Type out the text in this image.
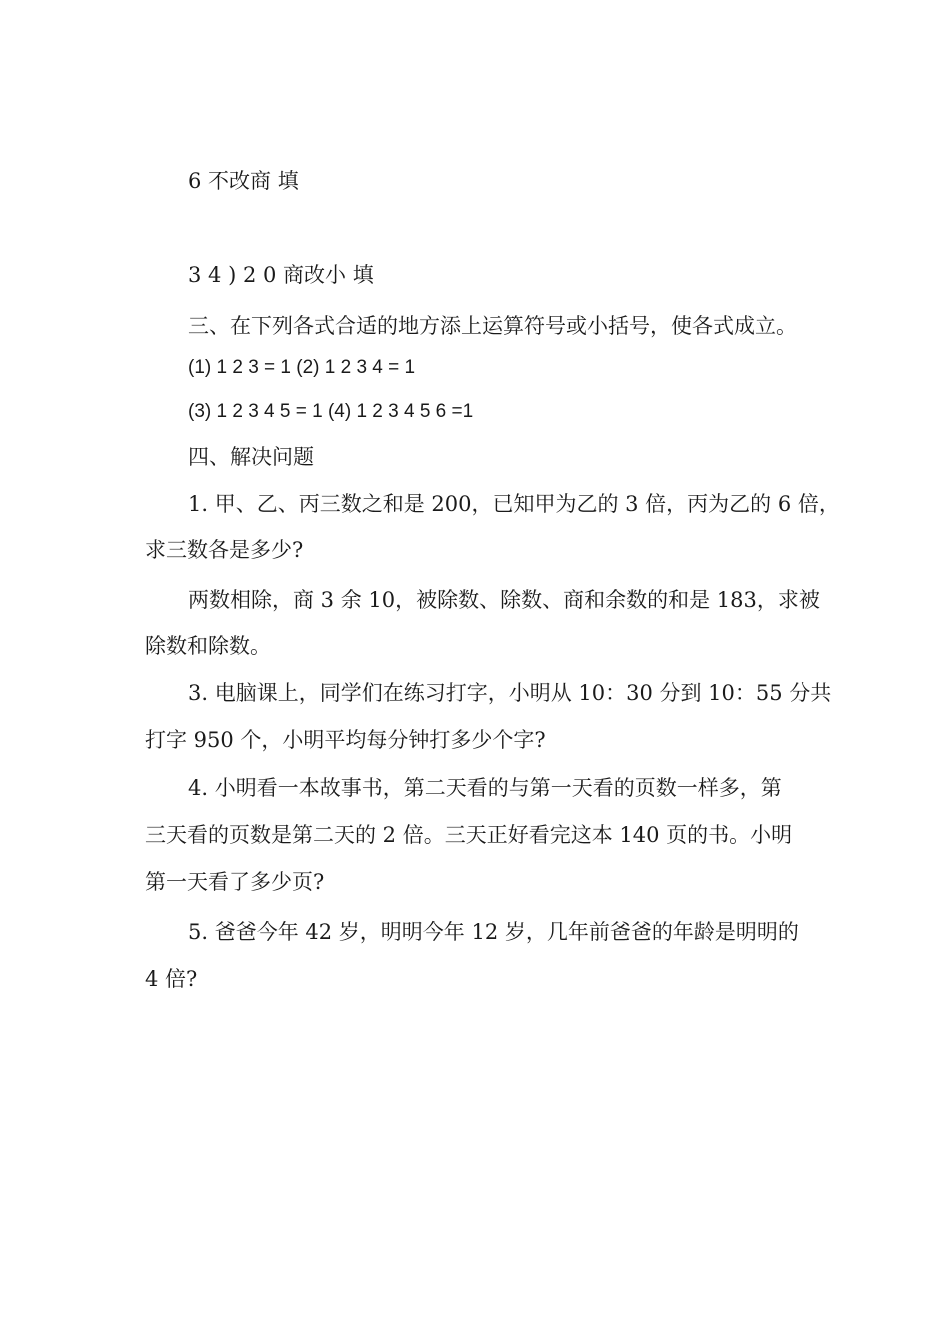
6 不改商 填
3 4 ) 2 0 商改小 填
三、在下列各式合适的地方添上运算符号或小括号，使各式成立。
(1) 1 2 3 = 1 (2) 1 2 3 4 = 1
(3) 1 2 3 4 5 = 1 (4) 1 2 3 4 5 6 =1
四、解决问题
1. 甲、乙、丙三数之和是 200，已知甲为乙的 3 倍，丙为乙的 6 倍，
求三数各是多少?
两数相除，商 3 余 10，被除数、除数、商和余数的和是 183，求被
除数和除数。
3. 电脑课上，同学们在练习打字，小明从 10：30 分到 10：55 分共
打字 950 个，小明平均每分钟打多少个字?
4. 小明看一本故事书，第二天看的与第一天看的页数一样多，第
三天看的页数是第二天的 2 倍。三天正好看完这本 140 页的书。小明
第一天看了多少页?
5. 爸爸今年 42 岁，明明今年 12 岁，几年前爸爸的年龄是明明的
4 倍?
